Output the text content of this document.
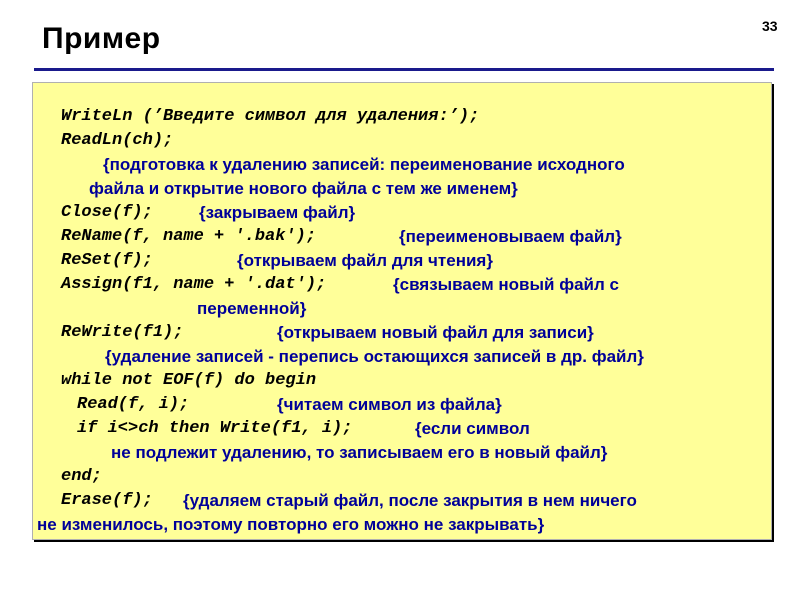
33
Пример
WriteLn (’Введите символ для удаления:’);
ReadLn(ch);
{подготовка к удалению записей: переименование исходного
файла и открытие нового файла с тем же именем}
Close(f);	{закрываем файл}
ReName(f, name + '.bak');	{переименовываем файл}
ReSet(f);	{открываем файл для чтения}
Assign(f1, name + '.dat');	{связываем новый файл с
переменной}
ReWrite(f1);	{открываем новый файл для записи}
{удаление записей - перепись остающихся записей в др. файл}
while not EOF(f) do begin
Read(f, i);	{читаем символ из файла}
if i<>ch then Write(f1, i);	{если символ
не подлежит удалению, то записываем его в новый файл}
end;
Erase(f); {удаляем старый файл, после закрытия в нем ничего
не изменилось, поэтому повторно его можно не закрывать}
